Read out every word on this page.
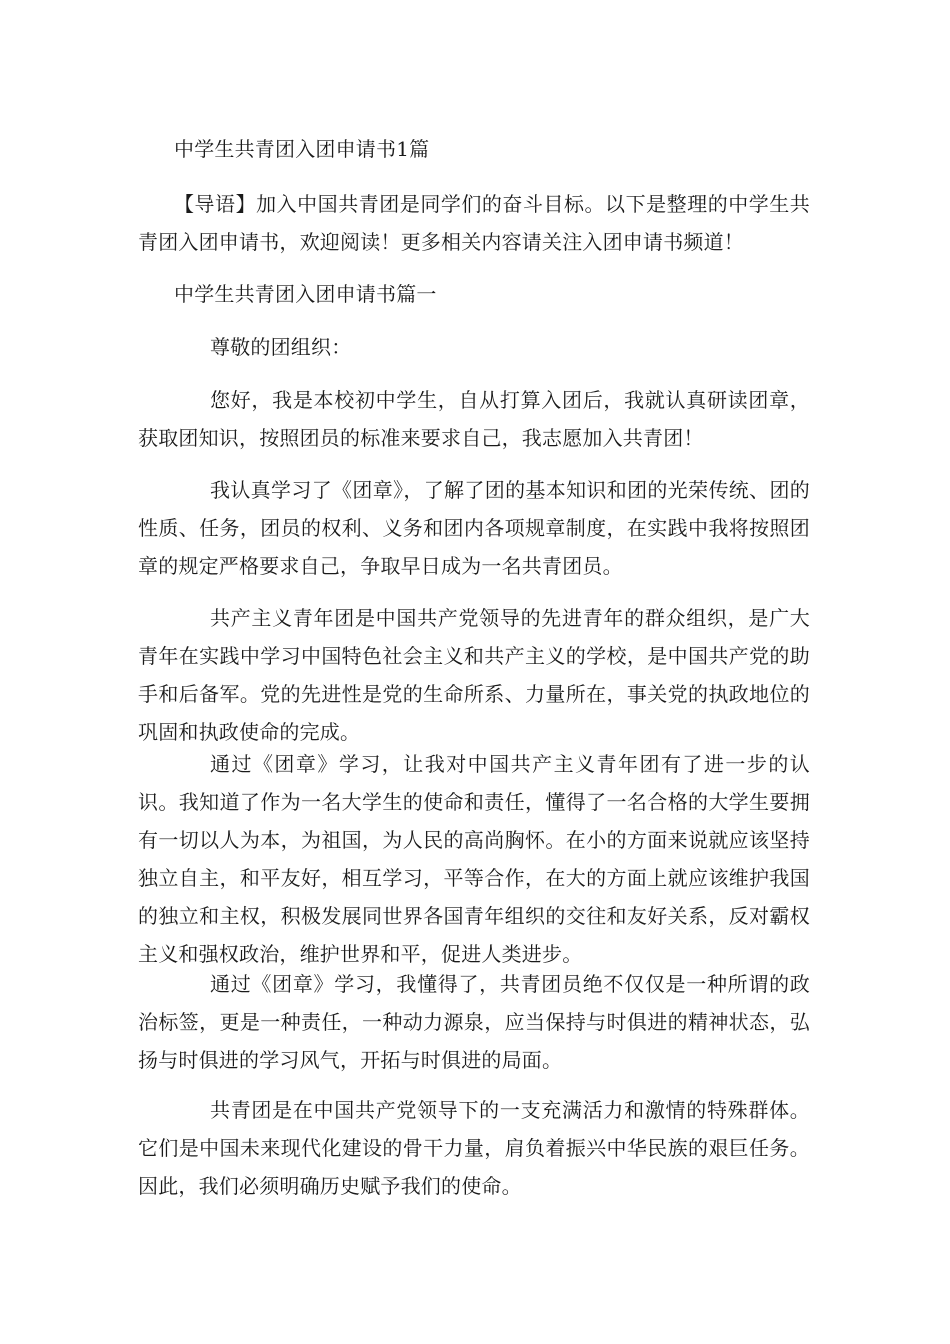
中学生共青团入团申请书1篇
【导语】加入中国共青团是同学们的奋斗目标。以下是整理的中学生共青团入团申请书，欢迎阅读！更多相关内容请关注入团申请书频道！
中学生共青团入团申请书篇一
尊敬的团组织：
您好，我是本校初中学生，自从打算入团后，我就认真研读团章，获取团知识，按照团员的标准来要求自己，我志愿加入共青团！
我认真学习了《团章》，了解了团的基本知识和团的光荣传统、团的性质、任务，团员的权利、义务和团内各项规章制度，在实践中我将按照团章的规定严格要求自己，争取早日成为一名共青团员。
共产主义青年团是中国共产党领导的先进青年的群众组织，是广大青年在实践中学习中国特色社会主义和共产主义的学校，是中国共产党的助手和后备军。党的先进性是党的生命所系、力量所在，事关党的执政地位的巩固和执政使命的完成。
通过《团章》学习，让我对中国共产主义青年团有了进一步的认识。我知道了作为一名大学生的使命和责任，懂得了一名合格的大学生要拥有一切以人为本，为祖国，为人民的高尚胸怀。在小的方面来说就应该坚持独立自主，和平友好，相互学习，平等合作，在大的方面上就应该维护我国的独立和主权，积极发展同世界各国青年组织的交往和友好关系，反对霸权主义和强权政治，维护世界和平，促进人类进步。
通过《团章》学习，我懂得了，共青团员绝不仅仅是一种所谓的政治标签，更是一种责任，一种动力源泉，应当保持与时俱进的精神状态，弘扬与时俱进的学习风气，开拓与时俱进的局面。
共青团是在中国共产党领导下的一支充满活力和激情的特殊群体。它们是中国未来现代化建设的骨干力量，肩负着振兴中华民族的艰巨任务。因此，我们必须明确历史赋予我们的使命。
